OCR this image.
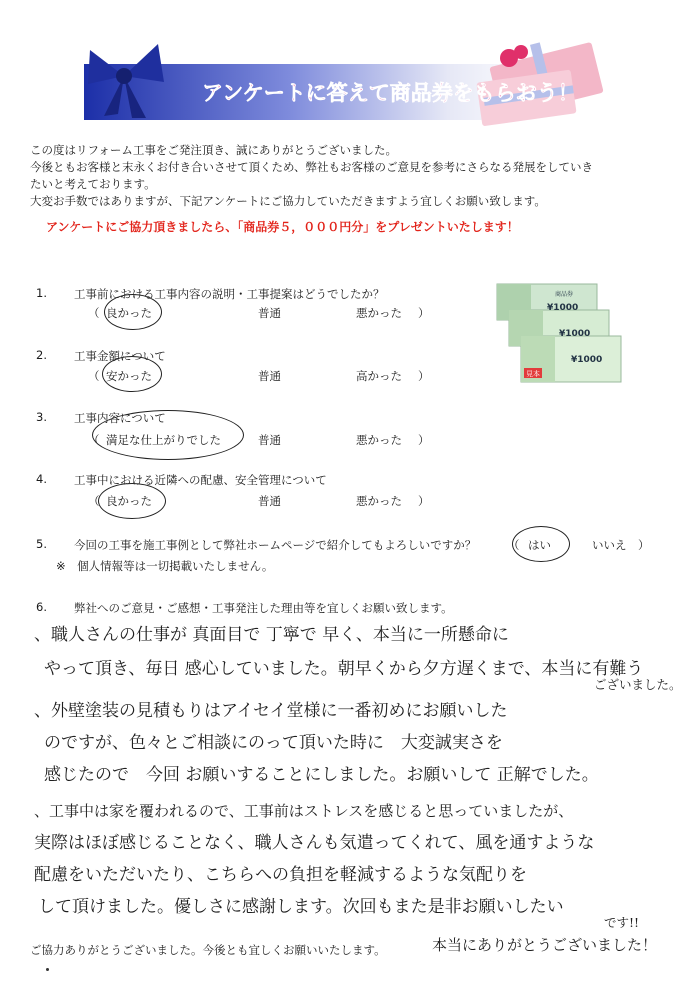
アンケートに答えて商品券をもらおう！

この度はリフォーム工事をご発注頂き、誠にありがとうございました。

今後ともお客様と末永くお付き合いさせて頂くため、弊社もお客様のご意見を参考にさらなる発展をしていき

たいと考えております。

大変お手数ではありますが、下記アンケートにご協力していただきますよう宜しくお願い致します。

アンケートにご協力頂きましたら、「商品券５，０００円分」をプレゼントいたします！
1.	工事前における工事内容の説明・工事提案はどうでしたか？
（ 良かった	普通	悪かった ）
2.	工事金額について
（ 安かった	普通	高かった ）
3.	工事内容について
（ 満足な仕上がりでした	普通	悪かった ）
4.	工事中における近隣への配慮、安全管理について
（ 良かった	普通	悪かった ）
5.	今回の工事を施工事例として弊社ホームページで紹介してもよろしいですか？	（ はい	いいえ ）
※　個人情報等は一切掲載いたしません。
6.	弊社へのご意見・ご感想・工事発注した理由等を宜しくお願い致します。
商品券
¥1000
¥1000
¥1000
見本
、職人さんの仕事が 真面目で 丁寧で 早く、本当に一所懸命に
やって頂き、毎日 感心していました。朝早くから夕方遅くまで、本当に有難う
ございました。
、外壁塗装の見積もりはアイセイ堂様に一番初めにお願いした
のですが、色々とご相談にのって頂いた時に　大変誠実さを
感じたので　今回 お願いすることにしました。お願いして 正解でした。
、工事中は家を覆われるので、工事前はストレスを感じると思っていましたが、
実際はほぼ感じることなく、職人さんも気遣ってくれて、風を通すような
配慮をいただいたり、こちらへの負担を軽減するような気配りを
して頂けました。優しさに感謝します。次回もまた是非お願いしたい
です!!
本当にありがとうございました！
ご協力ありがとうございました。今後とも宜しくお願いいたします。
